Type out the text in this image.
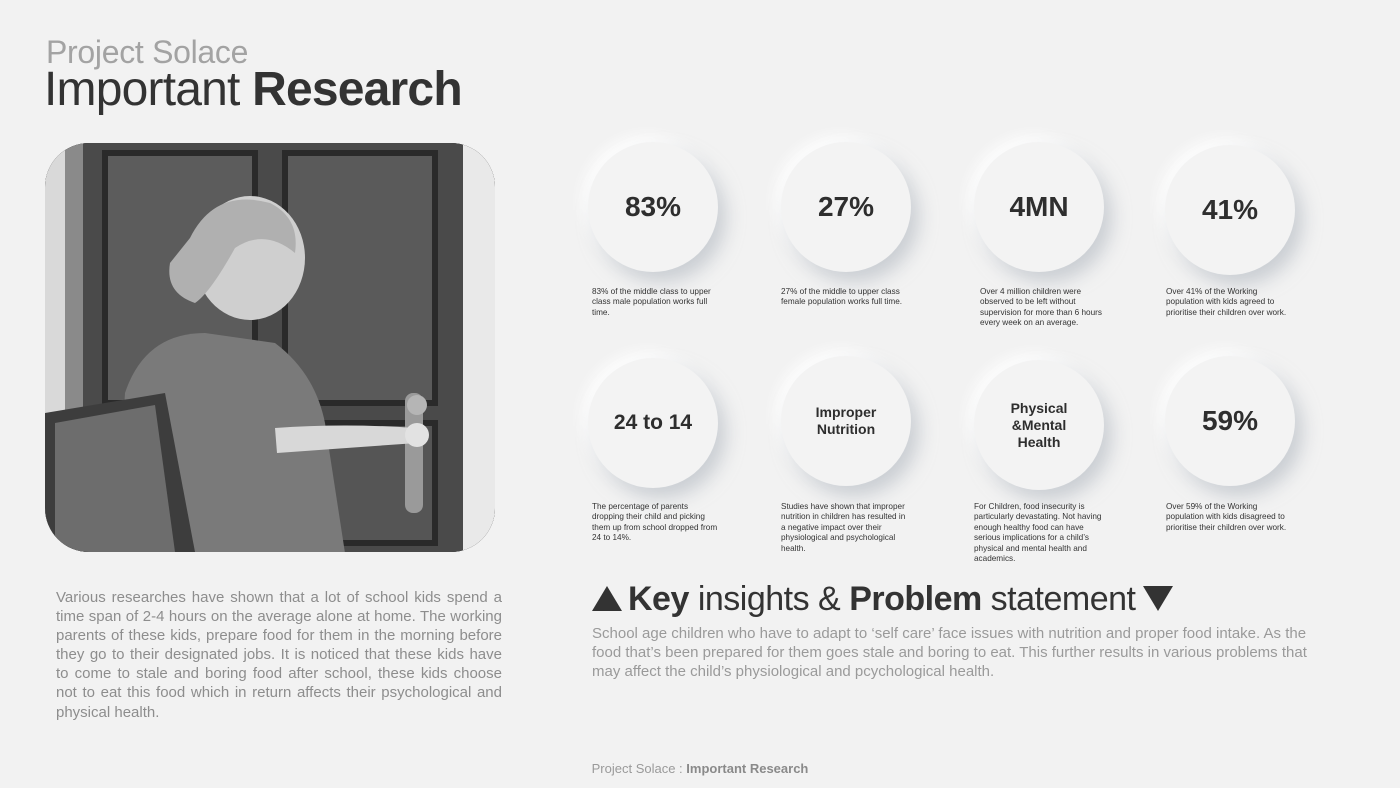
Project Solace
Important Research

Various researches have shown that a lot of school kids spend a time span of 2-4 hours on the average alone at home. The working parents of these kids, prepare food for them in the morning before they go to their designated jobs. It is noticed that these kids have to come to stale and boring food after school, these kids choose not to eat this food which in return affects their psychological and physical health.

83%

83% of the middle class to upper class male population works full time.

27%

27% of the middle to upper class female population works full time.

4MN

Over 4 million children were observed to be left without supervision for more than 6 hours every week on an average.

41%

Over 41% of the Working population with kids agreed to prioritise their children over work.

24 to 14

The percentage of parents dropping their child and picking them up from school dropped from 24 to 14%.

Improper Nutrition

Studies have shown that improper nutrition in children has resulted in a negative impact over their physiological and psychological health.

Physical &Mental Health

For Children, food insecurity is particularly devastating. Not having enough healthy food can have serious implications for a child’s physical and mental health and academics.

59%

Over 59% of the Working population with kids disagreed to prioritise their children over work.

Key insights & Problem statement

School age children who have to adapt to ‘self care’ face issues with nutrition and proper food intake. As the food that’s been prepared for them goes stale and boring to eat. This further results in various problems that may affect the child’s physiological and pcychological health.

Project Solace : Important Research
